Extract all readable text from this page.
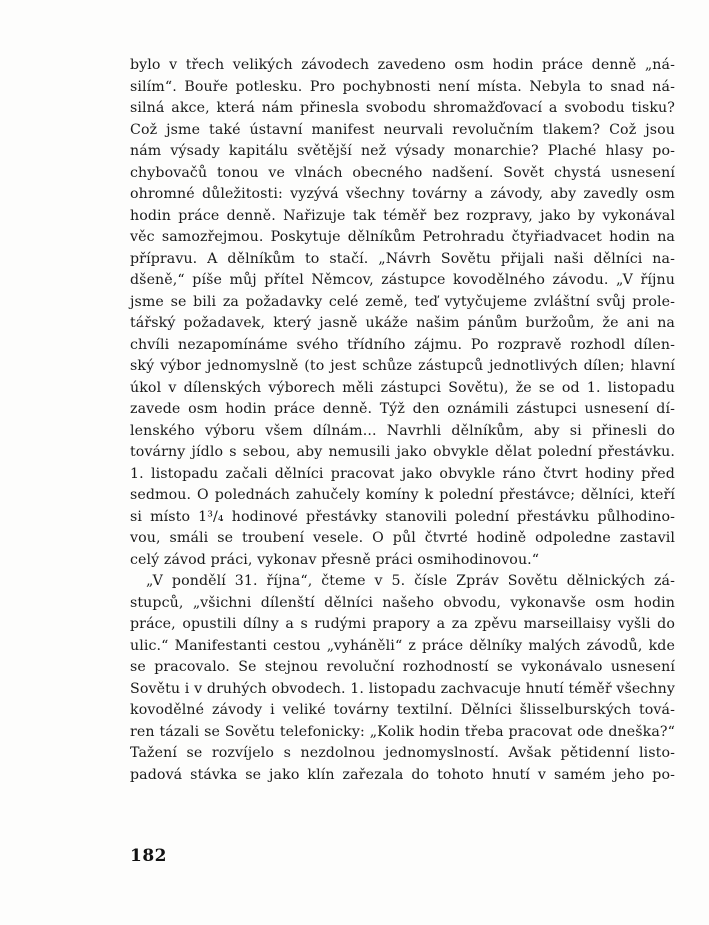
bylo v třech velikých závodech zavedeno osm hodin práce denně „ná-
silím“. Bouře potlesku. Pro pochybnosti není místa. Nebyla to snad ná-
silná akce, která nám přinesla svobodu shromažďovací a svobodu tisku?
Což jsme také ústavní manifest neurvali revolučním tlakem? Což jsou
nám výsady kapitálu světější než výsady monarchie? Plaché hlasy po-
chybovačů tonou ve vlnách obecného nadšení. Sovět chystá usnesení
ohromné důležitosti: vyzývá všechny továrny a závody, aby zavedly osm
hodin práce denně. Nařizuje tak téměř bez rozpravy, jako by vykonával
věc samozřejmou. Poskytuje dělníkům Petrohradu čtyřiadvacet hodin na
přípravu. A dělníkům to stačí. „Návrh Sovětu přijali naši dělníci na-
dšeně,“ píše můj přítel Němcov, zástupce kovodělného závodu. „V říjnu
jsme se bili za požadavky celé země, teď vytyčujeme zvláštní svůj prole-
tářský požadavek, který jasně ukáže našim pánům buržoům, že ani na
chvíli nezapomínáme svého třídního zájmu. Po rozpravě rozhodl dílen-
ský výbor jednomyslně (to jest schůze zástupců jednotlivých dílen; hlavní
úkol v dílenských výborech měli zástupci Sovětu), že se od 1. listopadu
zavede osm hodin práce denně. Týž den oznámili zástupci usnesení dí-
lenského výboru všem dílnám... Navrhli dělníkům, aby si přinesli do
továrny jídlo s sebou, aby nemusili jako obvykle dělat polední přestávku.
1. listopadu začali dělníci pracovat jako obvykle ráno čtvrt hodiny před
sedmou. O polednách zahučely komíny k polední přestávce; dělníci, kteří
si místo 1³/₄ hodinové přestávky stanovili polední přestávku půlhodino-
vou, smáli se troubení vesele. O půl čtvrté hodině odpoledne zastavil
celý závod práci, vykonav přesně práci osmihodinovou.“
„V pondělí 31. října“, čteme v 5. čísle Zpráv Sovětu dělnických zá-
stupců, „všichni dílenští dělníci našeho obvodu, vykonavše osm hodin
práce, opustili dílny a s rudými prapory a za zpěvu marseillaisy vyšli do
ulic.“ Manifestanti cestou „vyháněli“ z práce dělníky malých závodů, kde
se pracovalo. Se stejnou revoluční rozhodností se vykonávalo usnesení
Sovětu i v druhých obvodech. 1. listopadu zachvacuje hnutí téměř všechny
kovodělné závody i veliké továrny textilní. Dělníci šlisselburských tová-
ren tázali se Sovětu telefonicky: „Kolik hodin třeba pracovat ode dneška?“
Tažení se rozvíjelo s nezdolnou jednomyslností. Avšak pětidenní listo-
padová stávka se jako klín zařezala do tohoto hnutí v samém jeho po-
182
